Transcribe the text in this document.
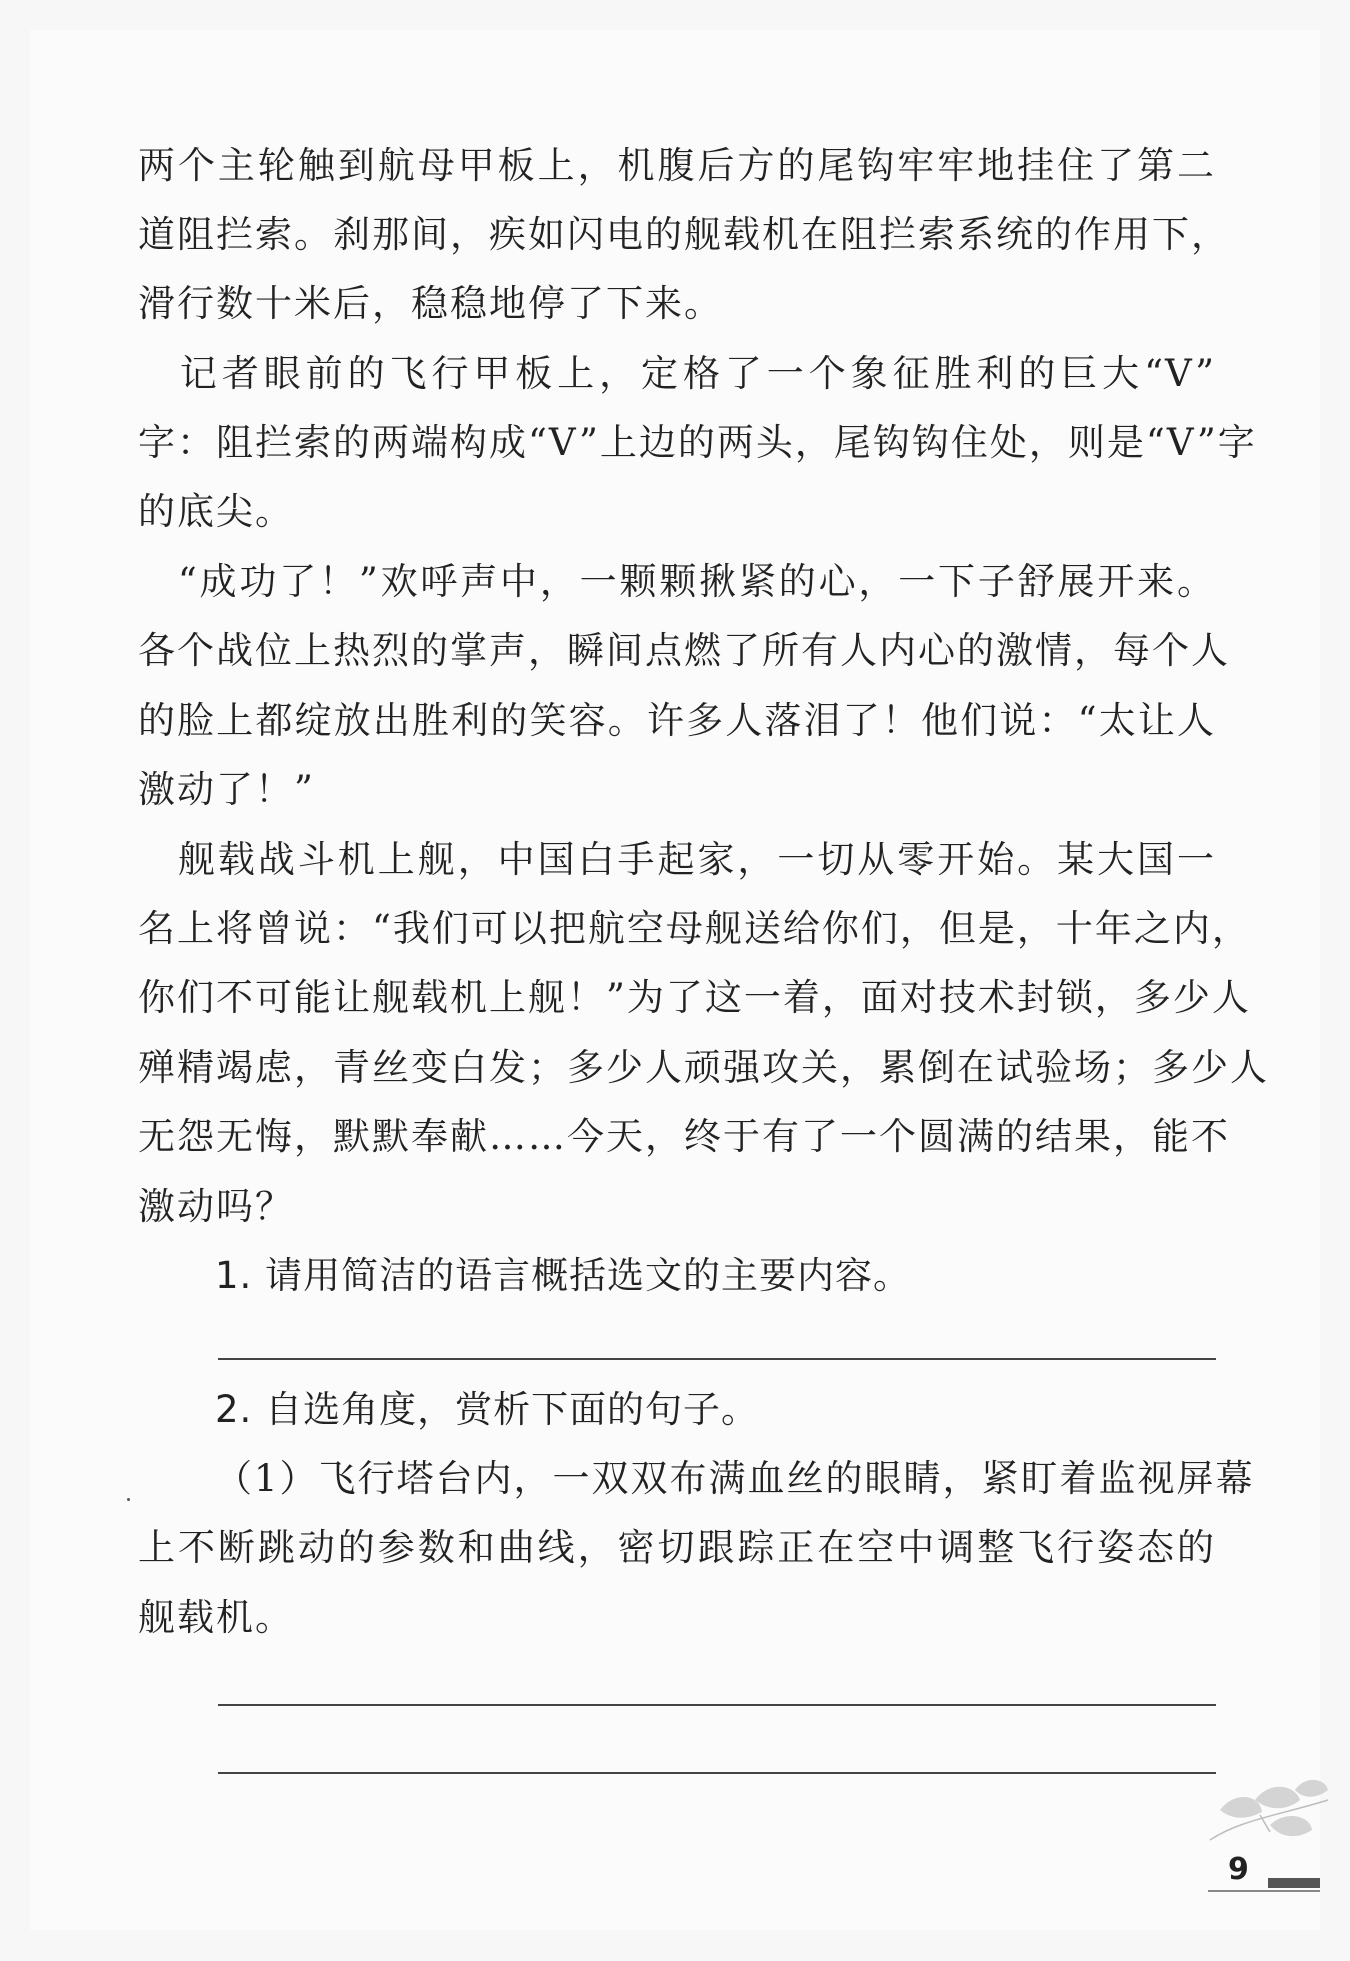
两个主轮触到航母甲板上，机腹后方的尾钩牢牢地挂住了第二
道阻拦索。刹那间，疾如闪电的舰载机在阻拦索系统的作用下，
滑行数十米后，稳稳地停了下来。
　记者眼前的飞行甲板上，定格了一个象征胜利的巨大“V”
字：阻拦索的两端构成“V”上边的两头，尾钩钩住处，则是“V”字
的底尖。
　“成功了！”欢呼声中，一颗颗揪紧的心，一下子舒展开来。
各个战位上热烈的掌声，瞬间点燃了所有人内心的激情，每个人
的脸上都绽放出胜利的笑容。许多人落泪了！他们说：“太让人
激动了！”
　舰载战斗机上舰，中国白手起家，一切从零开始。某大国一
名上将曾说：“我们可以把航空母舰送给你们，但是，十年之内，
你们不可能让舰载机上舰！”为了这一着，面对技术封锁，多少人
殚精竭虑，青丝变白发；多少人顽强攻关，累倒在试验场；多少人
无怨无悔，默默奉献……今天，终于有了一个圆满的结果，能不
激动吗？
1. 请用简洁的语言概括选文的主要内容。
2. 自选角度，赏析下面的句子。
（1）飞行塔台内，一双双布满血丝的眼睛，紧盯着监视屏幕
上不断跳动的参数和曲线，密切跟踪正在空中调整飞行姿态的
舰载机。
9
